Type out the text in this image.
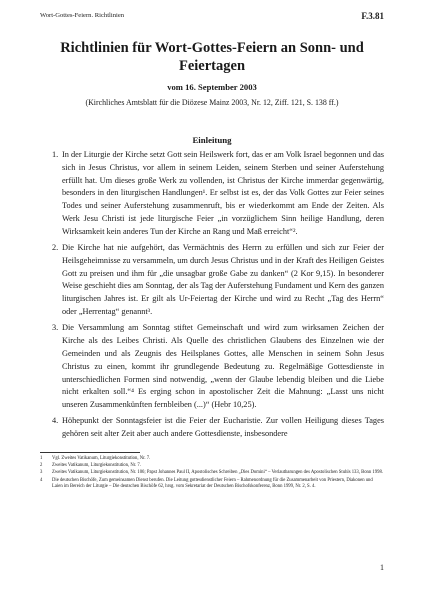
Wort-Gottes-Feiern. Richtlinien	F.3.81
Richtlinien für Wort-Gottes-Feiern an Sonn- und Feiertagen
vom 16. September 2003
(Kirchliches Amtsblatt für die Diözese Mainz 2003, Nr. 12, Ziff. 121, S. 138 ff.)
Einleitung
1. In der Liturgie der Kirche setzt Gott sein Heilswerk fort, das er am Volk Israel begonnen und das sich in Jesus Christus, vor allem in seinem Leiden, seinem Sterben und seiner Auferstehung erfüllt hat. Um dieses große Werk zu vollenden, ist Christus der Kirche immerdar gegenwärtig, besonders in den liturgischen Handlungen¹. Er selbst ist es, der das Volk Gottes zur Feier seines Todes und seiner Auferstehung zusammenruft, bis er wiederkommt am Ende der Zeiten. Als Werk Jesu Christi ist jede liturgische Feier „in vorzüglichem Sinn heilige Handlung, deren Wirksamkeit kein anderes Tun der Kirche an Rang und Maß erreicht“².
2. Die Kirche hat nie aufgehört, das Vermächtnis des Herrn zu erfüllen und sich zur Feier der Heilsgeheimnisse zu versammeln, um durch Jesus Christus und in der Kraft des Heiligen Geistes Gott zu preisen und ihm für „die unsagbar große Gabe zu danken“ (2 Kor 9,15). In besonderer Weise geschieht dies am Sonntag, der als Tag der Auferstehung Fundament und Kern des ganzen liturgischen Jahres ist. Er gilt als Ur-Feiertag der Kirche und wird zu Recht „Tag des Herrn“ oder „Herrentag“ genannt³.
3. Die Versammlung am Sonntag stiftet Gemeinschaft und wird zum wirksamen Zeichen der Kirche als des Leibes Christi. Als Quelle des christlichen Glaubens des Einzelnen wie der Gemeinden und als Zeugnis des Heilsplanes Gottes, alle Menschen in seinem Sohn Jesus Christus zu einen, kommt ihr grundlegende Bedeutung zu. Regelmäßige Gottesdienste in unterschiedlichen Formen sind notwendig, „wenn der Glaube lebendig bleiben und die Liebe nicht erkalten soll.“⁴ Es erging schon in apostolischer Zeit die Mahnung: „Lasst uns nicht unseren Zusammenkünften fernbleiben (...)“ (Hebr 10,25).
4. Höhepunkt der Sonntagsfeier ist die Feier der Eucharistie. Zur vollen Heiligung dieses Tages gehören seit alter Zeit aber auch andere Gottesdienste, insbesondere
1 Vgl. Zweites Vatikanum, Liturgiekonstitution, Nr. 7.
2 Zweites Vatikanum, Liturgiekonstitution, Nr. 7.
3 Zweites Vatikanum, Liturgiekonstitution, Nr. 106; Papst Johannes Paul II, Apostolisches Schreiben „Dies Domini“ – Verlautbarungen des Apostolischen Stuhls 133, Bonn 1998.
4 Die deutschen Bischöfe, Zum gemeinsamen Dienst berufen. Die Leitung gottesdienstlicher Feiern – Rahmenordnung für die Zusammenarbeit von Priestern, Diakonen und Laien im Bereich der Liturgie – Die deutschen Bischöfe 62, hrsg. vom Sekretariat der Deutschen Bischofskonferenz, Bonn 1999, Nr. 2, S. 4.
1
